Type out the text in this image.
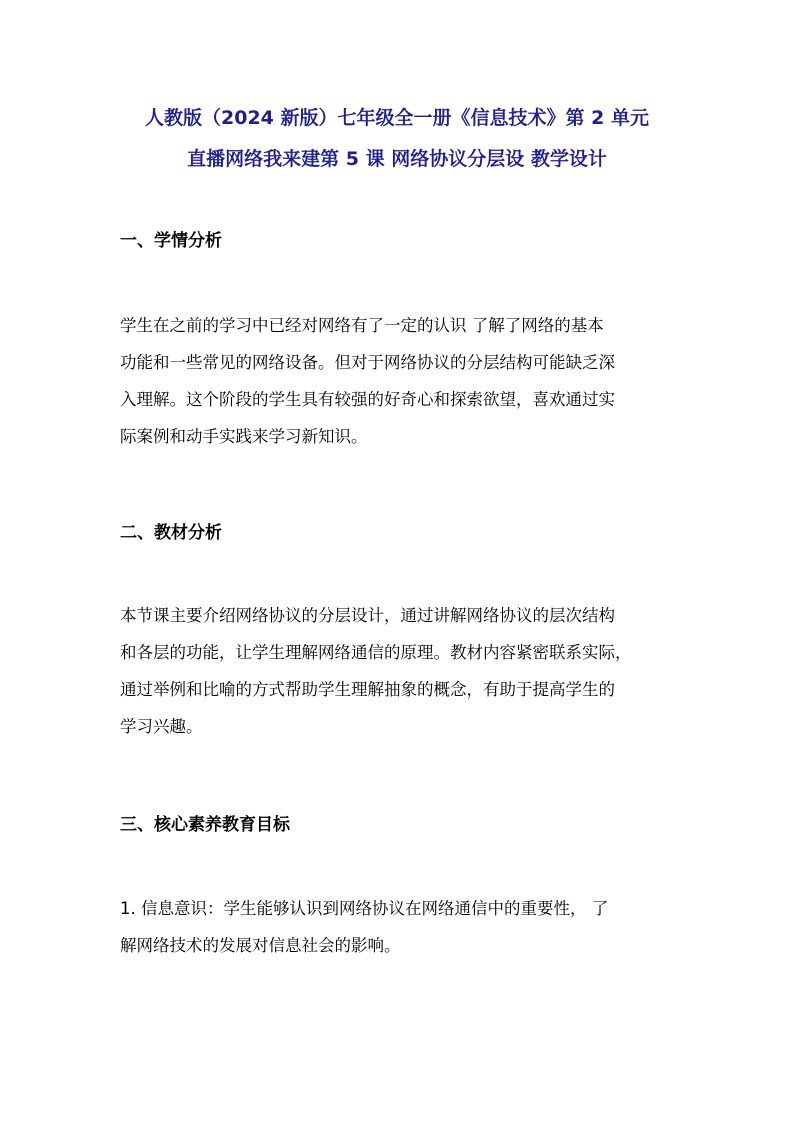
人教版（2024 新版）七年级全一册《信息技术》第 2 单元
直播网络我来建第 5 课 网络协议分层设 教学设计
一、学情分析
学生在之前的学习中已经对网络有了一定的认识 了解了网络的基本
功能和一些常见的网络设备。但对于网络协议的分层结构可能缺乏深
入理解。这个阶段的学生具有较强的好奇心和探索欲望，喜欢通过实
际案例和动手实践来学习新知识。
二、教材分析
本节课主要介绍网络协议的分层设计，通过讲解网络协议的层次结构
和各层的功能，让学生理解网络通信的原理。教材内容紧密联系实际，
通过举例和比喻的方式帮助学生理解抽象的概念，有助于提高学生的
学习兴趣。
三、核心素养教育目标
1. 信息意识：学生能够认识到网络协议在网络通信中的重要性， 了
解网络技术的发展对信息社会的影响。
